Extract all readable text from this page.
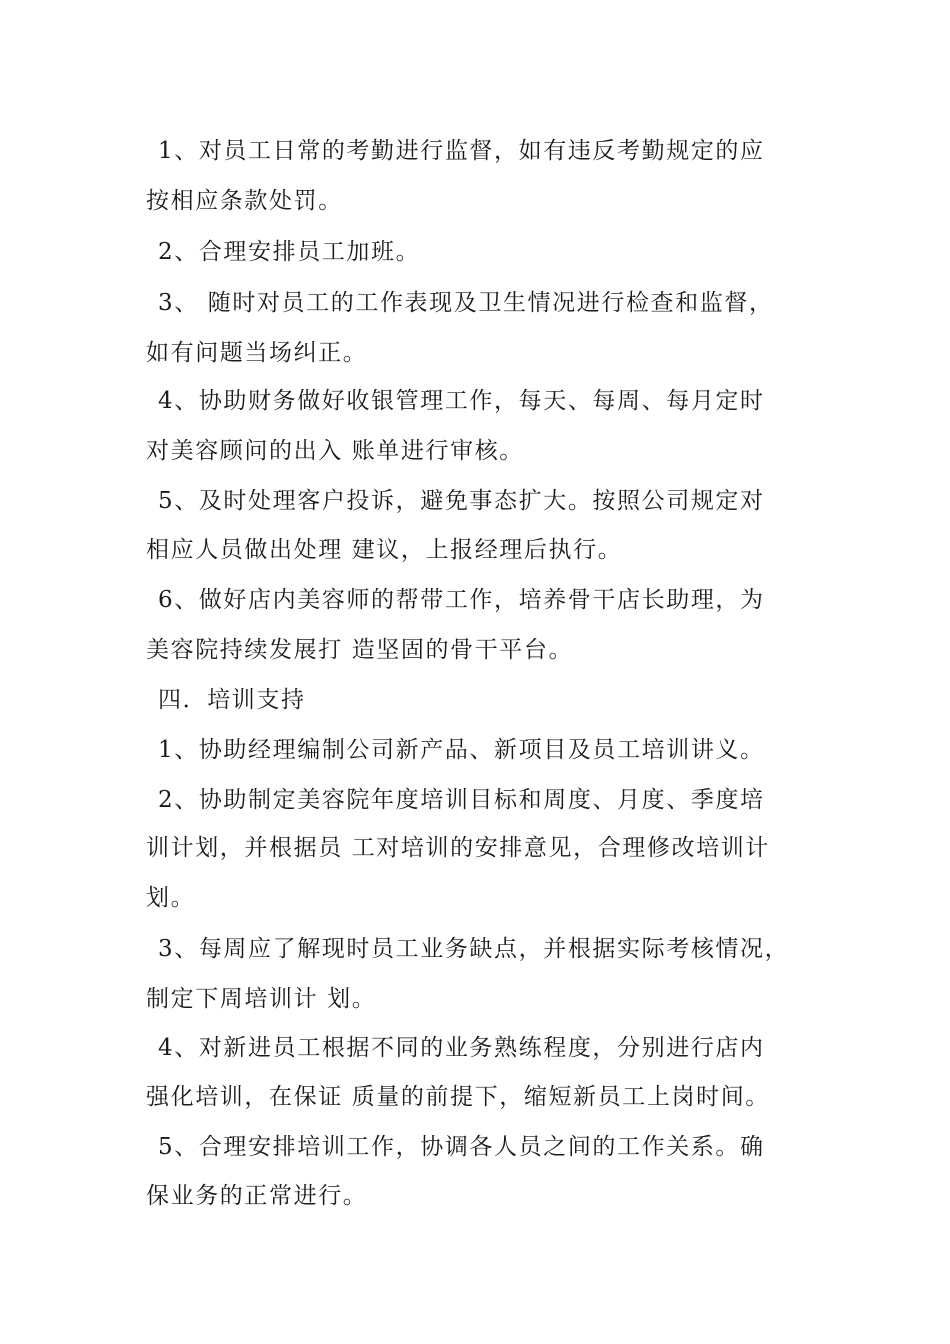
1、对员工日常的考勤进行监督，如有违反考勤规定的应
按相应条款处罚。
2、合理安排员工加班。
3、 随时对员工的工作表现及卫生情况进行检查和监督，
如有问题当场纠正。
4、协助财务做好收银管理工作，每天、每周、每月定时
对美容顾问的出入 账单进行审核。
5、及时处理客户投诉，避免事态扩大。按照公司规定对
相应人员做出处理 建议，上报经理后执行。
6、做好店内美容师的帮带工作，培养骨干店长助理，为
美容院持续发展打 造坚固的骨干平台。
四．培训支持
1、协助经理编制公司新产品、新项目及员工培训讲义。
2、协助制定美容院年度培训目标和周度、月度、季度培
训计划，并根据员 工对培训的安排意见，合理修改培训计
划。
3、每周应了解现时员工业务缺点，并根据实际考核情况，
制定下周培训计 划。
4、对新进员工根据不同的业务熟练程度，分别进行店内
强化培训，在保证 质量的前提下，缩短新员工上岗时间。
5、合理安排培训工作，协调各人员之间的工作关系。确
保业务的正常进行。
